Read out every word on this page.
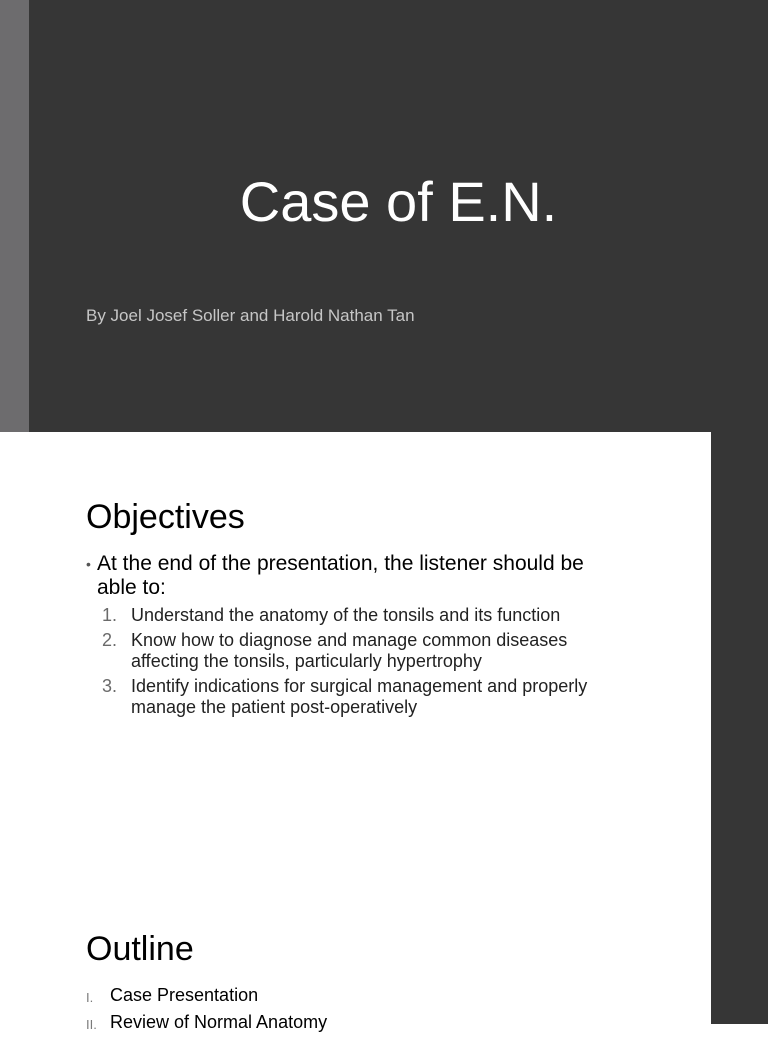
Case of E.N.
By Joel Josef Soller and Harold Nathan Tan
Objectives
• At the end of the presentation, the listener should be able to:
1. Understand the anatomy of the tonsils and its function
2. Know how to diagnose and manage common diseases affecting the tonsils, particularly hypertrophy
3. Identify indications for surgical management and properly manage the patient post-operatively
Outline
I. Case Presentation
II. Review of Normal Anatomy
